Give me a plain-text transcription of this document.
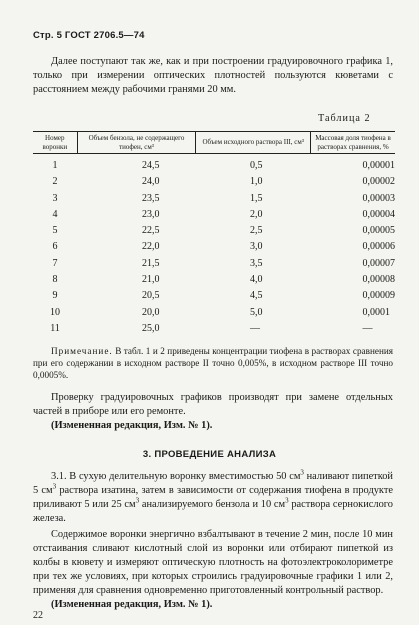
Стр. 5 ГОСТ 2706.5—74

Далее поступают так же, как и при построении градуировочного графика 1, только при измерении оптических плотностей пользуются кюветами с расстоянием между рабочими гранями 20 мм.

Таблица 2
Номер воронки	Объем бензола, не содержащего тиофен, см³	Объем исходного раствора III, см³	Массовая доля тиофена в растворах сравнения, %
1	24,5	0,5	0,00001
2	24,0	1,0	0,00002
3	23,5	1,5	0,00003
4	23,0	2,0	0,00004
5	22,5	2,5	0,00005
6	22,0	3,0	0,00006
7	21,5	3,5	0,00007
8	21,0	4,0	0,00008
9	20,5	4,5	0,00009
10	20,0	5,0	0,0001
11	25,0	—	—

Примечание. В табл. 1 и 2 приведены концентрации тиофена в растворах сравнения при его содержании в исходном растворе II точно 0,005%, в исходном растворе III точно 0,0005%.

Проверку градуировочных графиков производят при замене отдельных частей в приборе или его ремонте.

(Измененная редакция, Изм. № 1).

3. ПРОВЕДЕНИЕ АНАЛИЗА

3.1. В сухую делительную воронку вместимостью 50 $см^3$ наливают пипеткой 5 $см^3$ раствора изатина, затем в зависимости от содержания тиофена в продукте приливают 5 или 25 $см^3$ анализируемого бензола и 10 $см^3$ раствора сернокислого железа.

Содержимое воронки энергично взбалтывают в течение 2 мин, после 10 мин отстаивания сливают кислотный слой из воронки или отбирают пипеткой из колбы в кювету и измеряют оптическую плотность на фотоэлектроколориметре при тех же условиях, при которых строились градуировочные графики 1 или 2, применяя для сравнения одновременно приготовленный контрольный раствор.

(Измененная редакция, Изм. № 1).

22
